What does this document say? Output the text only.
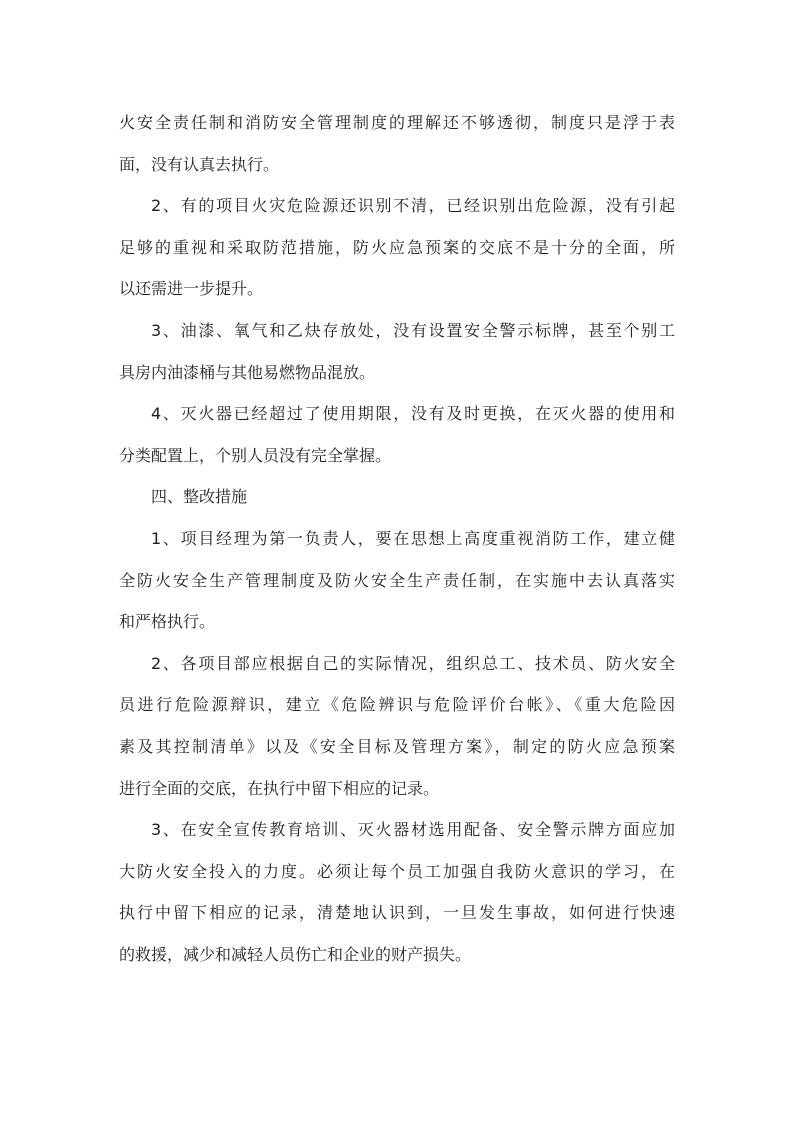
火安全责任制和消防安全管理制度的理解还不够透彻，制度只是浮于表
面，没有认真去执行。
2、有的项目火灾危险源还识别不清，已经识别出危险源，没有引起
足够的重视和采取防范措施，防火应急预案的交底不是十分的全面，所
以还需进一步提升。
3、油漆、氧气和乙炔存放处，没有设置安全警示标牌，甚至个别工
具房内油漆桶与其他易燃物品混放。
4、灭火器已经超过了使用期限，没有及时更换，在灭火器的使用和
分类配置上，个别人员没有完全掌握。
四、整改措施
1、项目经理为第一负责人，要在思想上高度重视消防工作，建立健
全防火安全生产管理制度及防火安全生产责任制，在实施中去认真落实
和严格执行。
2、各项目部应根据自己的实际情况，组织总工、技术员、防火安全
员进行危险源辩识，建立《危险辨识与危险评价台帐》、《重大危险因
素及其控制清单》以及《安全目标及管理方案》，制定的防火应急预案
进行全面的交底，在执行中留下相应的记录。
3、在安全宣传教育培训、灭火器材选用配备、安全警示牌方面应加
大防火安全投入的力度。必须让每个员工加强自我防火意识的学习，在
执行中留下相应的记录，清楚地认识到，一旦发生事故，如何进行快速
的救援，减少和减轻人员伤亡和企业的财产损失。
